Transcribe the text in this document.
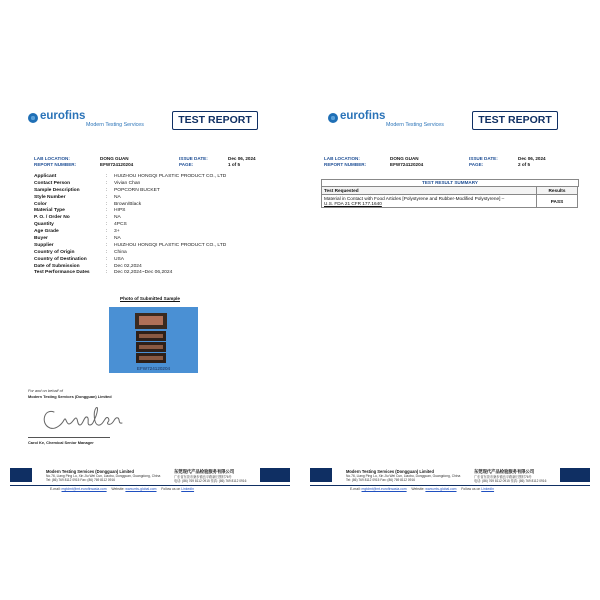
eurofins
Modern Testing Services	TEST REPORT
LAB LOCATION:	DONG GUAN	ISSUE DATE:	Dec 06, 2024
REPORT NUMBER:	EFW724120204	PAGE:	1 of 5
Applicant	: HUIZHOU HONGQI PLASTIC PRODUCT CO., LTD
Contact Person	: Vivian Chan
Sample Description	: POPCORN BUCKET
Style Number	: NA
Color	: Brown/Black
Material Type	: HIPS
P. O. / Order No	: NA
Quantity	: 4PCS
Age Grade	: 3+
Buyer	: NA
Supplier	: HUIZHOU HONGQI PLASTIC PRODUCT CO., LTD
Country of Origin	: China
Country of Destination	: USA
Date of Submission	: Dec 02,2024
Test Performance Dates	: Dec 02,2024~Dec 06,2024
Photo of Submitted Sample
EFW724120204
For and on behalf of
Modern Testing Services (Dongguan) Limited
Carol Ke, Chemical Senior Manager
Modern Testing Services (Dongguan) Limited
No.76, Liang Ping Lu, Xin Jiu Wei Cun, Liaobu, Dongguan, Guangdong, China
Tel: (86) 769 8112 0915 Fax: (86) 769 8112 0916
东莞现代产品检验服务有限公司
广东省东莞市寮步镇良平路新旧围村76号
电话: (86) 769 8112 0915 传真: (86) 769 8112 0916
E-mail: mgtdmt@mt.eurofinsasia.com Website: www.mts-global.com Follow us on LinkedIn
eurofins
Modern Testing Services	TEST REPORT
LAB LOCATION:	DONG GUAN	ISSUE DATE:	Dec 06, 2024
REPORT NUMBER:	EFW724120204	PAGE:	2 of 5
Modern Testing Services (Dongguan) Limited
No.76, Liang Ping Lu, Xin Jiu Wei Cun, Liaobu, Dongguan, Guangdong, China
Tel: (86) 769 8112 0915 Fax: (86) 769 8112 0916
东莞现代产品检验服务有限公司
广东省东莞市寮步镇良平路新旧围村76号
电话: (86) 769 8112 0915 传真: (86) 769 8112 0916
E-mail: mgtdmt@mt.eurofinsasia.com Website: www.mts-global.com Follow us on LinkedIn
TEST RESULT SUMMARY
Test Requested	Results
Material in Contact with Food Articles [Polystyrene and Rubber-Modified Polystyrene] –
U.S. FDA 21 CFR 177.1640	PASS
